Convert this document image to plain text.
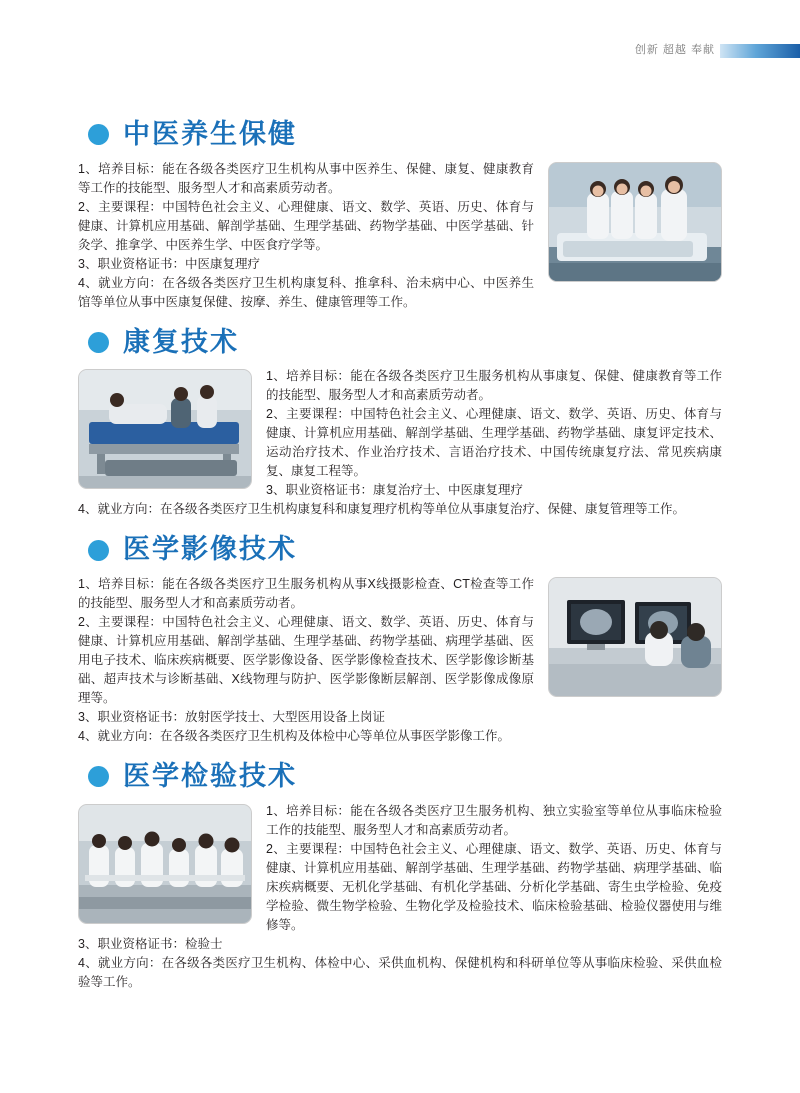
创新 超越 奉献
中医养生保健

1、培养目标：能在各级各类医疗卫生机构从事中医养生、保健、康复、健康教育等工作的技能型、服务型人才和高素质劳动者。

2、主要课程：中国特色社会主义、心理健康、语文、数学、英语、历史、体育与健康、计算机应用基础、解剖学基础、生理学基础、药物学基础、中医学基础、针灸学、推拿学、中医养生学、中医食疗学等。

3、职业资格证书：中医康复理疗

4、就业方向：在各级各类医疗卫生机构康复科、推拿科、治未病中心、中医养生馆等单位从事中医康复保健、按摩、养生、健康管理等工作。

康复技术

1、培养目标：能在各级各类医疗卫生服务机构从事康复、保健、健康教育等工作的技能型、服务型人才和高素质劳动者。

2、主要课程：中国特色社会主义、心理健康、语文、数学、英语、历史、体育与健康、计算机应用基础、解剖学基础、生理学基础、药物学基础、康复评定技术、运动治疗技术、作业治疗技术、言语治疗技术、中国传统康复疗法、常见疾病康复、康复工程等。

3、职业资格证书：康复治疗士、中医康复理疗

4、就业方向：在各级各类医疗卫生机构康复科和康复理疗机构等单位从事康复治疗、保健、康复管理等工作。

医学影像技术

1、培养目标：能在各级各类医疗卫生服务机构从事X线摄影检查、CT检查等工作的技能型、服务型人才和高素质劳动者。

2、主要课程：中国特色社会主义、心理健康、语文、数学、英语、历史、体育与健康、计算机应用基础、解剖学基础、生理学基础、药物学基础、病理学基础、医用电子技术、临床疾病概要、医学影像设备、医学影像检查技术、医学影像诊断基础、超声技术与诊断基础、X线物理与防护、医学影像断层解剖、医学影像成像原理等。

3、职业资格证书：放射医学技士、大型医用设备上岗证

4、就业方向：在各级各类医疗卫生机构及体检中心等单位从事医学影像工作。

医学检验技术

1、培养目标：能在各级各类医疗卫生服务机构、独立实验室等单位从事临床检验工作的技能型、服务型人才和高素质劳动者。

2、主要课程：中国特色社会主义、心理健康、语文、数学、英语、历史、体育与健康、计算机应用基础、解剖学基础、生理学基础、药物学基础、病理学基础、临床疾病概要、无机化学基础、有机化学基础、分析化学基础、寄生虫学检验、免疫学检验、微生物学检验、生物化学及检验技术、临床检验基础、检验仪器使用与维修等。

3、职业资格证书：检验士

4、就业方向：在各级各类医疗卫生机构、体检中心、采供血机构、保健机构和科研单位等从事临床检验、采供血检验等工作。
